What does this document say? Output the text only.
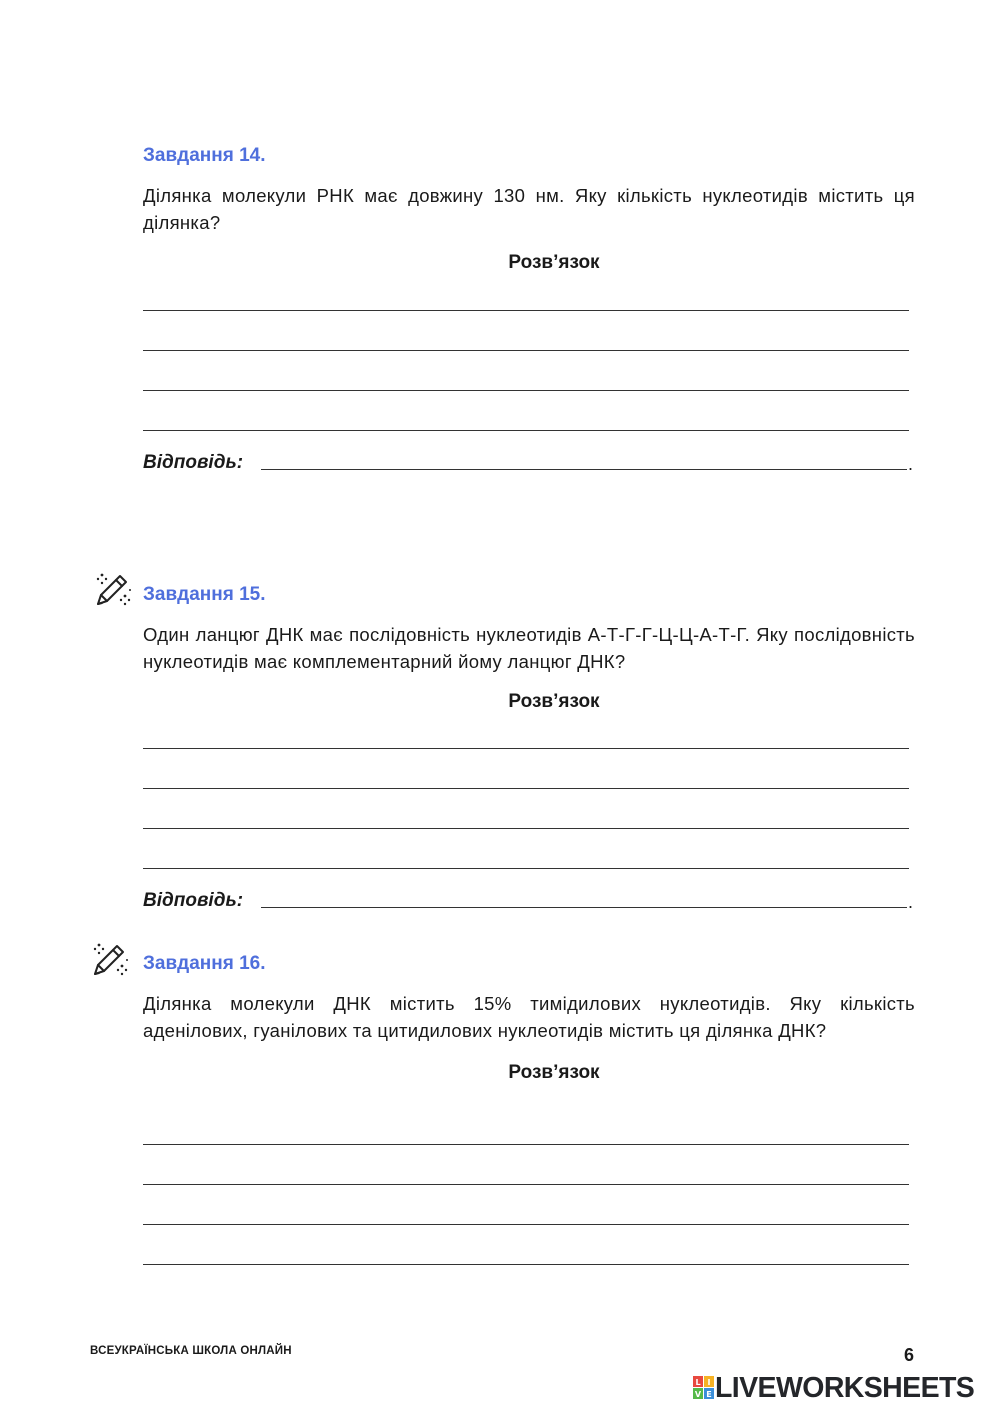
Завдання 14.

Ділянка молекули РНК має довжину 130 нм. Яку кількість нуклеотидів містить ця ділянка?

Розв’язок
Відповідь:	.
Завдання 15.

Один ланцюг ДНК має послідовність нуклеотидів А-Т-Г-Г-Ц-Ц-А-Т-Г. Яку послідовність нуклеотидів має комплементарний йому ланцюг ДНК?

Розв’язок
Відповідь:	.
Завдання 16.

Ділянка молекули ДНК містить 15% тимідилових нуклеотидів. Яку кількість аденілових, гуанілових та цитидилових нуклеотидів містить ця ділянка ДНК?

Розв’язок
ВСЕУКРАЇНСЬКА ШКОЛА ОНЛАЙН	6
L I
V E LIVEWORKSHEETS
